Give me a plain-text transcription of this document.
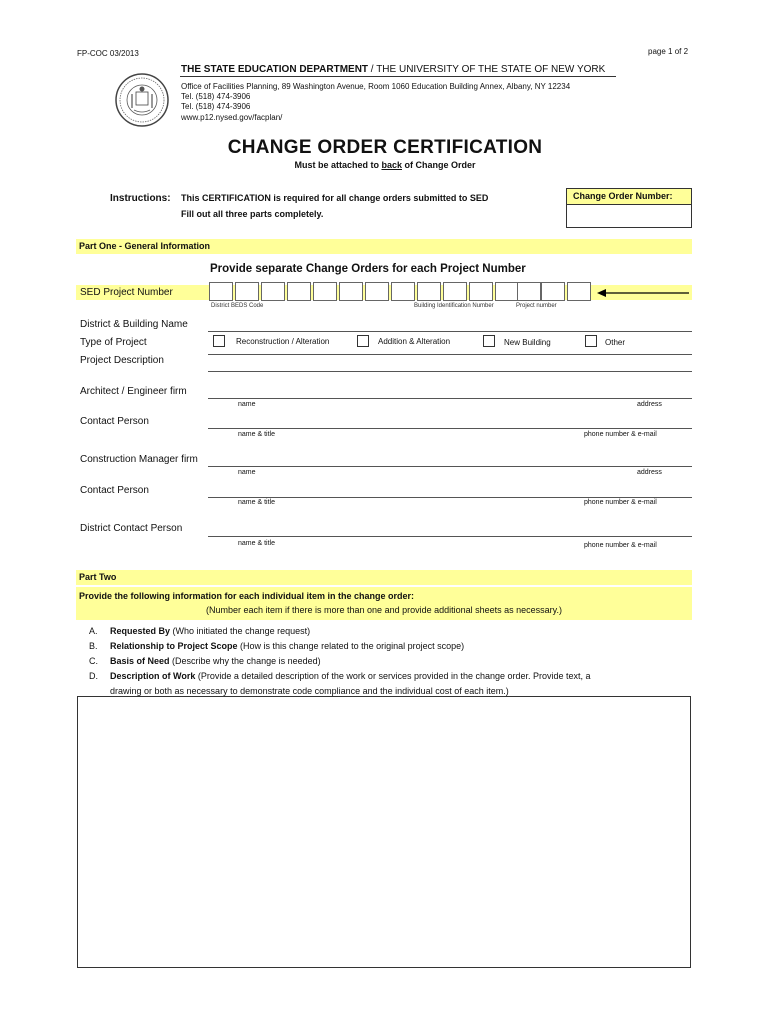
FP-COC 03/2013	page 1 of 2
THE STATE EDUCATION DEPARTMENT / THE UNIVERSITY OF THE STATE OF NEW YORK
Office of Facilities Planning, 89 Washington Avenue, Room 1060 Education Building Annex, Albany, NY 12234
Tel. (518) 474-3906
Tel. (518) 474-3906
www.p12.nysed.gov/facplan/
CHANGE ORDER CERTIFICATION
Must be attached to back of Change Order
Instructions: This CERTIFICATION is required for all change orders submitted to SED
Fill out all three parts completely.
Change Order Number:
Part One - General Information
Provide separate Change Orders for each Project Number
SED Project Number
District BEDS Code	Building Identification Number	Project number
District & Building Name
Type of Project	Reconstruction / Alteration	Addition & Alteration	New Building	Other
Project Description
Architect / Engineer firm
name	address
Contact Person
name & title	phone number & e-mail
Construction Manager firm
name	address
Contact Person
name & title	phone number & e-mail
District Contact Person
name & title	phone number & e-mail
Part Two
Provide the following information for each individual item in the change order:
(Number each item if there is more than one and provide additional sheets as necessary.)
A. Requested By (Who initiated the change request)
B. Relationship to Project Scope (How is this change related to the original project scope)
C. Basis of Need (Describe why the change is needed)
D. Description of Work (Provide a detailed description of the work or services provided in the change order. Provide text, a
drawing or both as necessary to demonstrate code compliance and the individual cost of each item.)
